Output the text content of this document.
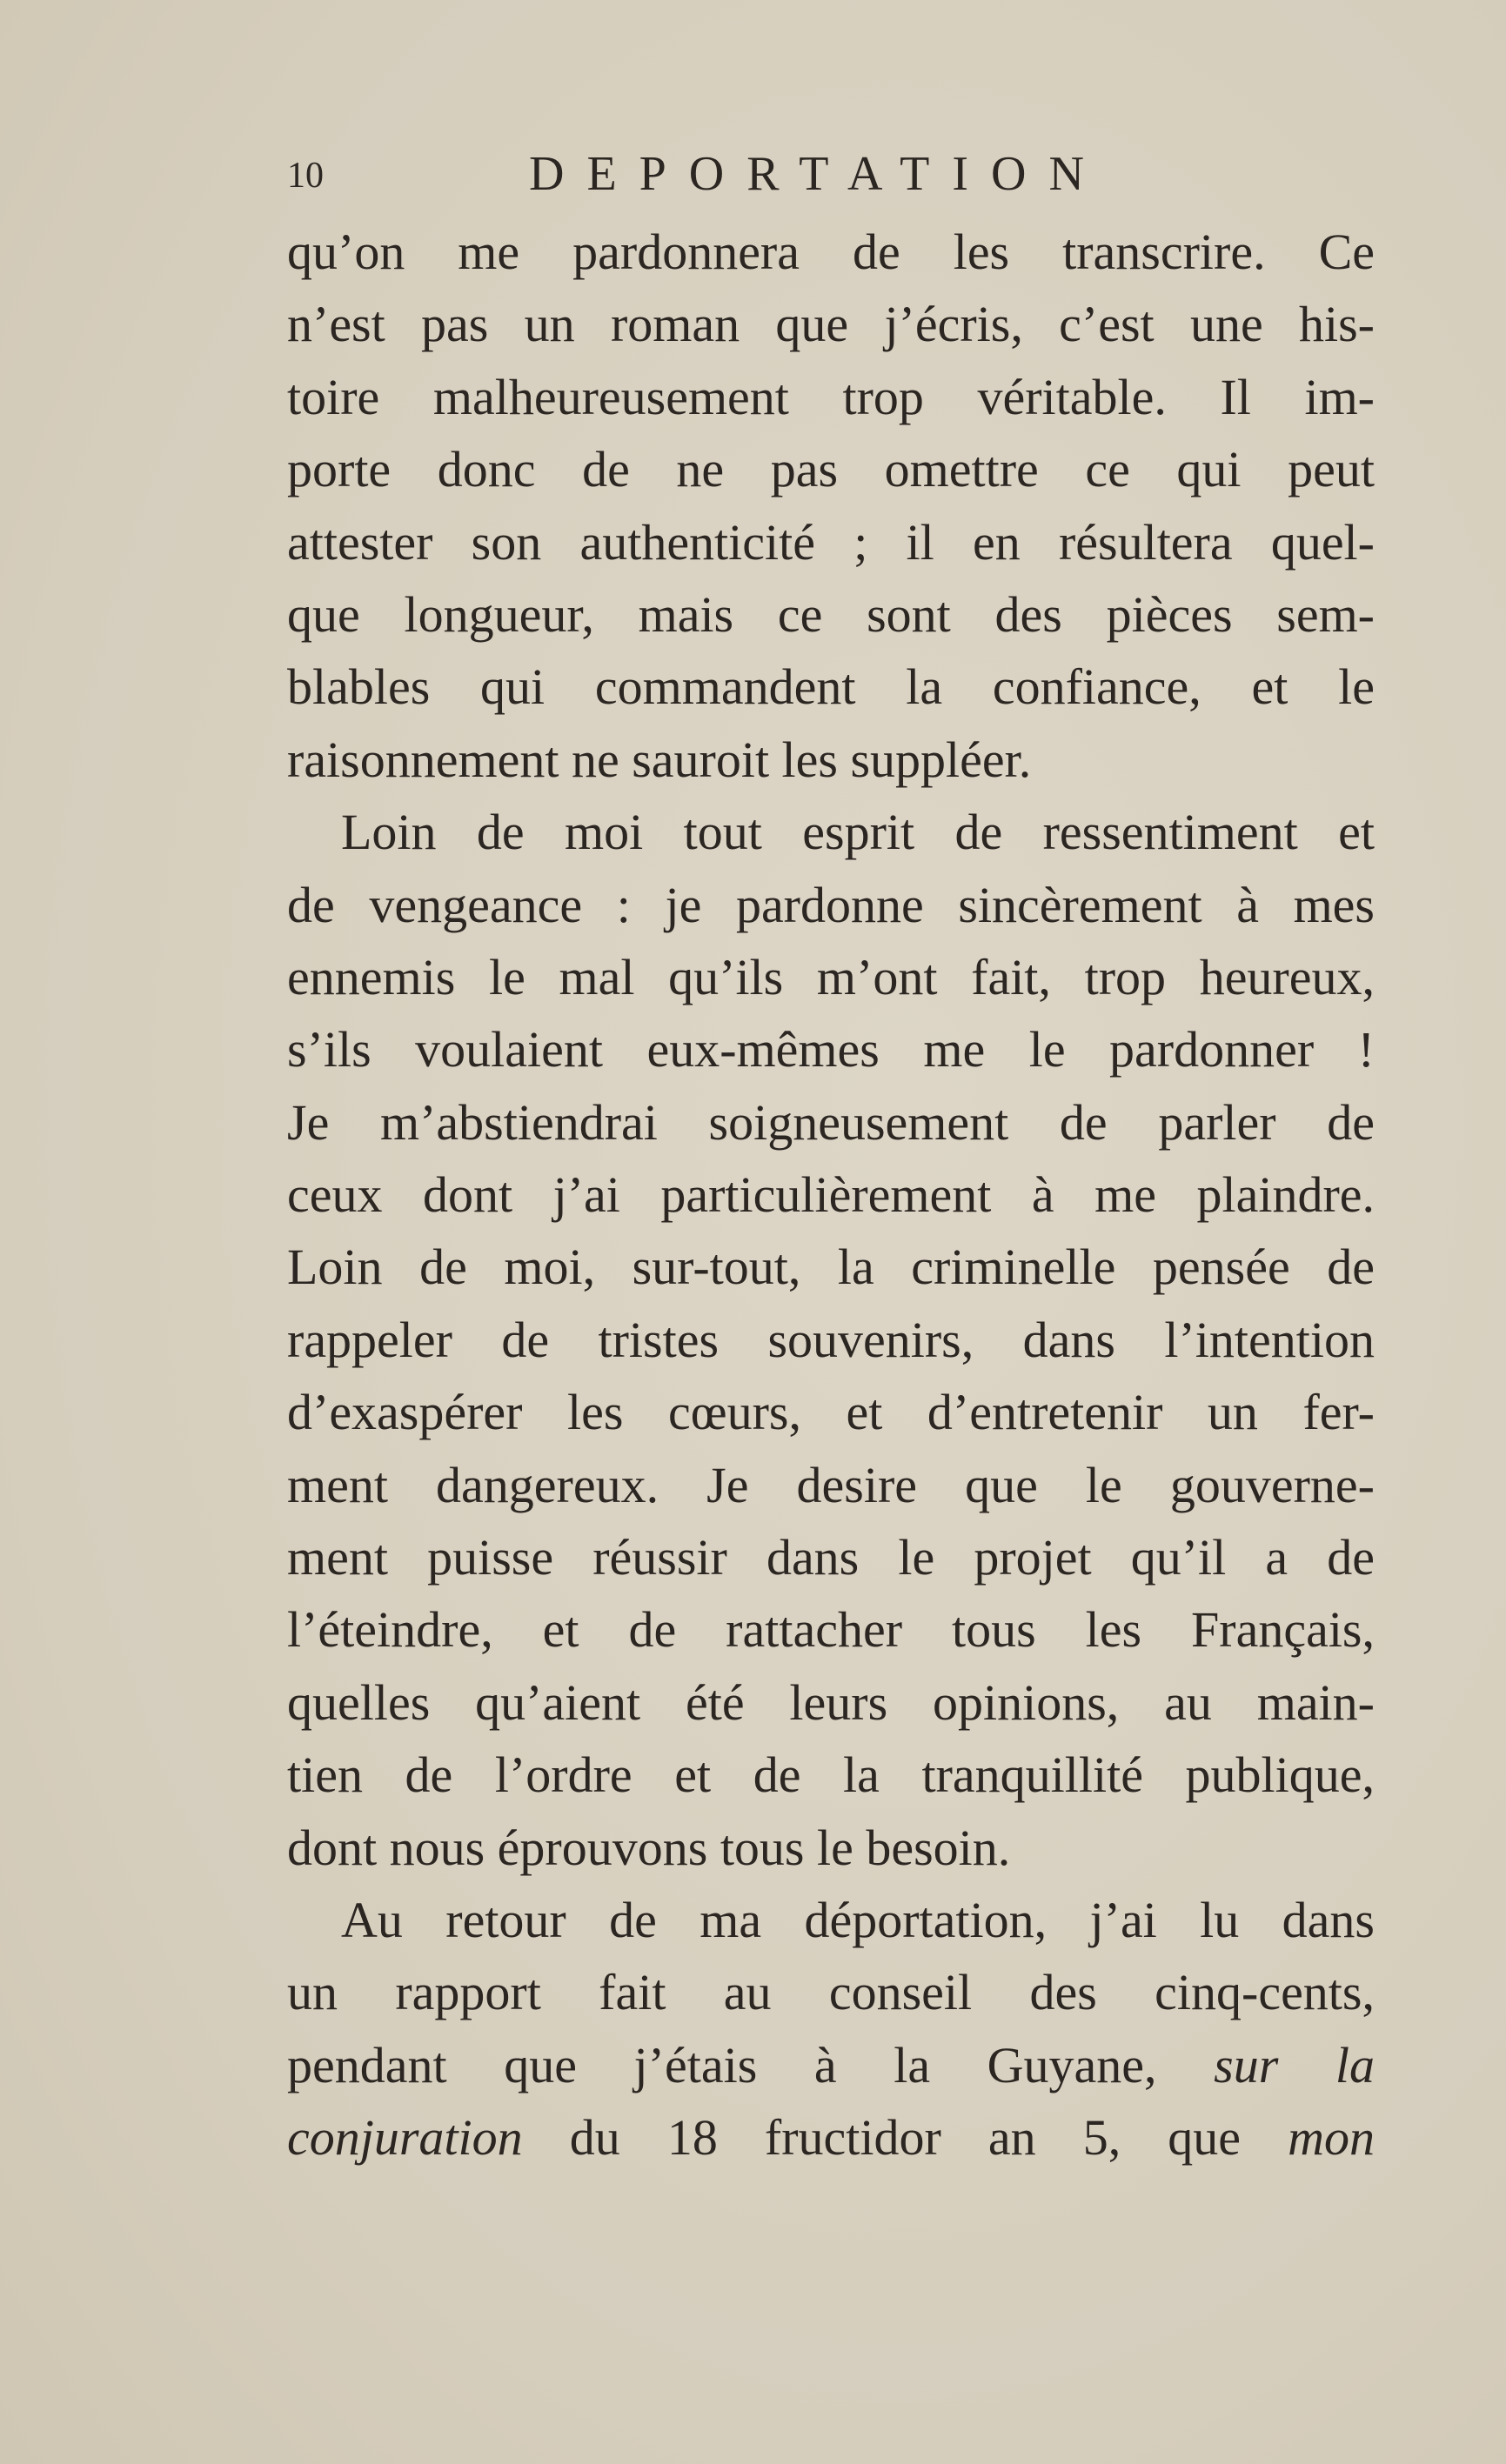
10	DEPORTATION
qu’on me pardonnera de les transcrire. Ce
n’est pas un roman que j’écris, c’est une his-
toire malheureusement trop véritable. Il im-
porte donc de ne pas omettre ce qui peut
attester son authenticité ; il en résultera quel-
que longueur, mais ce sont des pièces sem-
blables qui commandent la confiance, et le
raisonnement ne sauroit les suppléer.
Loin de moi tout esprit de ressentiment et
de vengeance : je pardonne sincèrement à mes
ennemis le mal qu’ils m’ont fait, trop heureux,
s’ils voulaient eux-mêmes me le pardonner !
Je m’abstiendrai soigneusement de parler de
ceux dont j’ai particulièrement à me plaindre.
Loin de moi, sur-tout, la criminelle pensée de
rappeler de tristes souvenirs, dans l’intention
d’exaspérer les cœurs, et d’entretenir un fer-
ment dangereux. Je desire que le gouverne-
ment puisse réussir dans le projet qu’il a de
l’éteindre, et de rattacher tous les Français,
quelles qu’aient été leurs opinions, au main-
tien de l’ordre et de la tranquillité publique,
dont nous éprouvons tous le besoin.
Au retour de ma déportation, j’ai lu dans
un rapport fait au conseil des cinq-cents,
pendant que j’étais à la Guyane, sur la
conjuration du 18 fructidor an 5, que mon
